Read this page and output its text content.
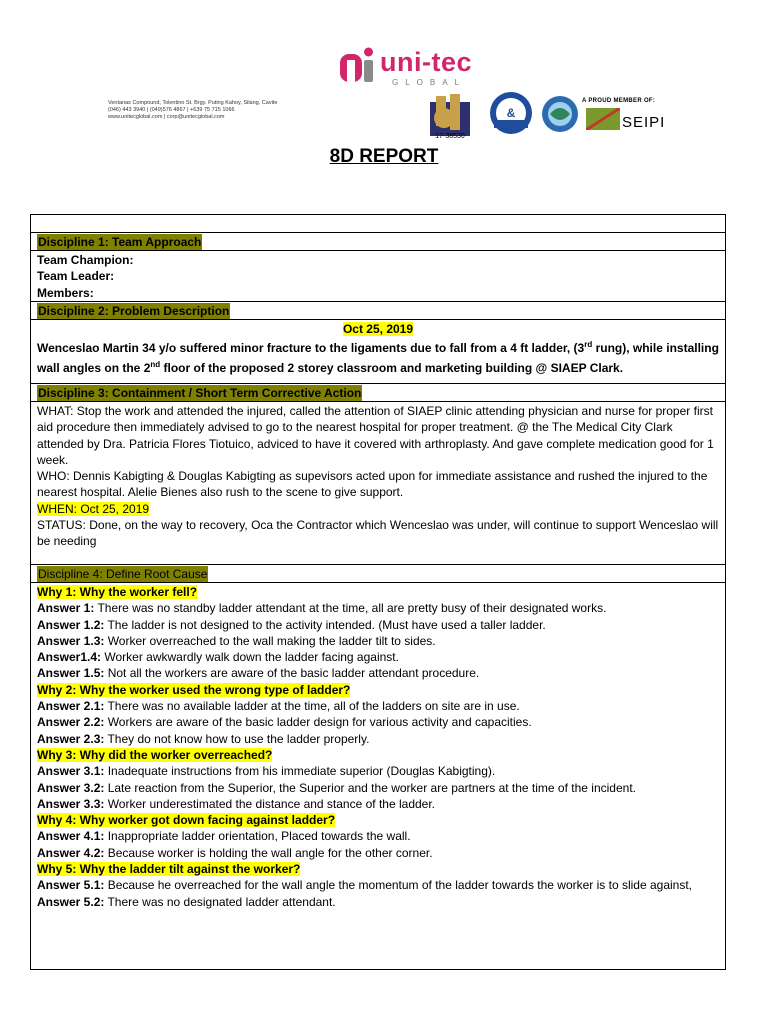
uni-tec
GLOBAL
Ventanas Compound, Tolentino St. Brgy. Puting Kahoy, Silang, Cavite
(046) 443 3940 | (049)576 4867 | +639 75 715 1066
www.unitecglobal.com | corp@unitecglobal.com
17-38530
&
A PROUD MEMBER OF:
SEIPI
8D REPORT
Discipline 1: Team Approach
Team Champion:
Team Leader:
Members:
Discipline 2: Problem Description
Oct 25, 2019
Wenceslao Martin 34 y/o suffered minor fracture to the ligaments due to fall from a 4 ft ladder, (3rd rung), while installing wall angles on the 2nd floor of the proposed 2 storey classroom and marketing building @ SIAEP Clark.
Discipline 3: Containment / Short Term Corrective Action
WHAT: Stop the work and attended the injured, called the attention of SIAEP clinic attending physician and nurse for proper first aid procedure then immediately advised to go to the nearest hospital for proper treatment. @ the The Medical City Clark attended by Dra. Patricia Flores Tiotuico, adviced to have it covered with arthroplasty. And gave complete medication good for 1 week.
WHO: Dennis Kabigting & Douglas Kabigting as supevisors acted upon for immediate assistance and rushed the injured to the nearest hospital. Alelie Bienes also rush to the scene to give support.
WHEN: Oct 25, 2019
STATUS: Done, on the way to recovery, Oca the Contractor which Wenceslao was under, will continue to support Wenceslao will be needing
Discipline 4: Define Root Cause
Why 1: Why the worker fell?
Answer 1: There was no standby ladder attendant at the time, all are pretty busy of their designated works.
Answer 1.2: The ladder is not designed to the activity intended. (Must have used a taller ladder.
Answer 1.3: Worker overreached to the wall making the ladder tilt to sides.
Answer1.4: Worker awkwardly walk down the ladder facing against.
Answer 1.5: Not all the workers are aware of the basic ladder attendant procedure.
Why 2: Why the worker used the wrong type of ladder?
Answer 2.1: There was no available ladder at the time, all of the ladders on site are in use.
Answer 2.2: Workers are aware of the basic ladder design for various activity and capacities.
Answer 2.3: They do not know how to use the ladder properly.
Why 3: Why did the worker overreached?
Answer 3.1: Inadequate instructions from his immediate superior (Douglas Kabigting).
Answer 3.2: Late reaction from the Superior, the Superior and the worker are partners at the time of the incident.
Answer 3.3: Worker underestimated the distance and stance of the ladder.
Why 4: Why worker got down facing against ladder?
Answer 4.1: Inappropriate ladder orientation, Placed towards the wall.
Answer 4.2: Because worker is holding the wall angle for the other corner.
Why 5: Why the ladder tilt against the worker?
Answer 5.1: Because he overreached for the wall angle the momentum of the ladder towards the worker is to slide against,
Answer 5.2: There was no designated ladder attendant.
